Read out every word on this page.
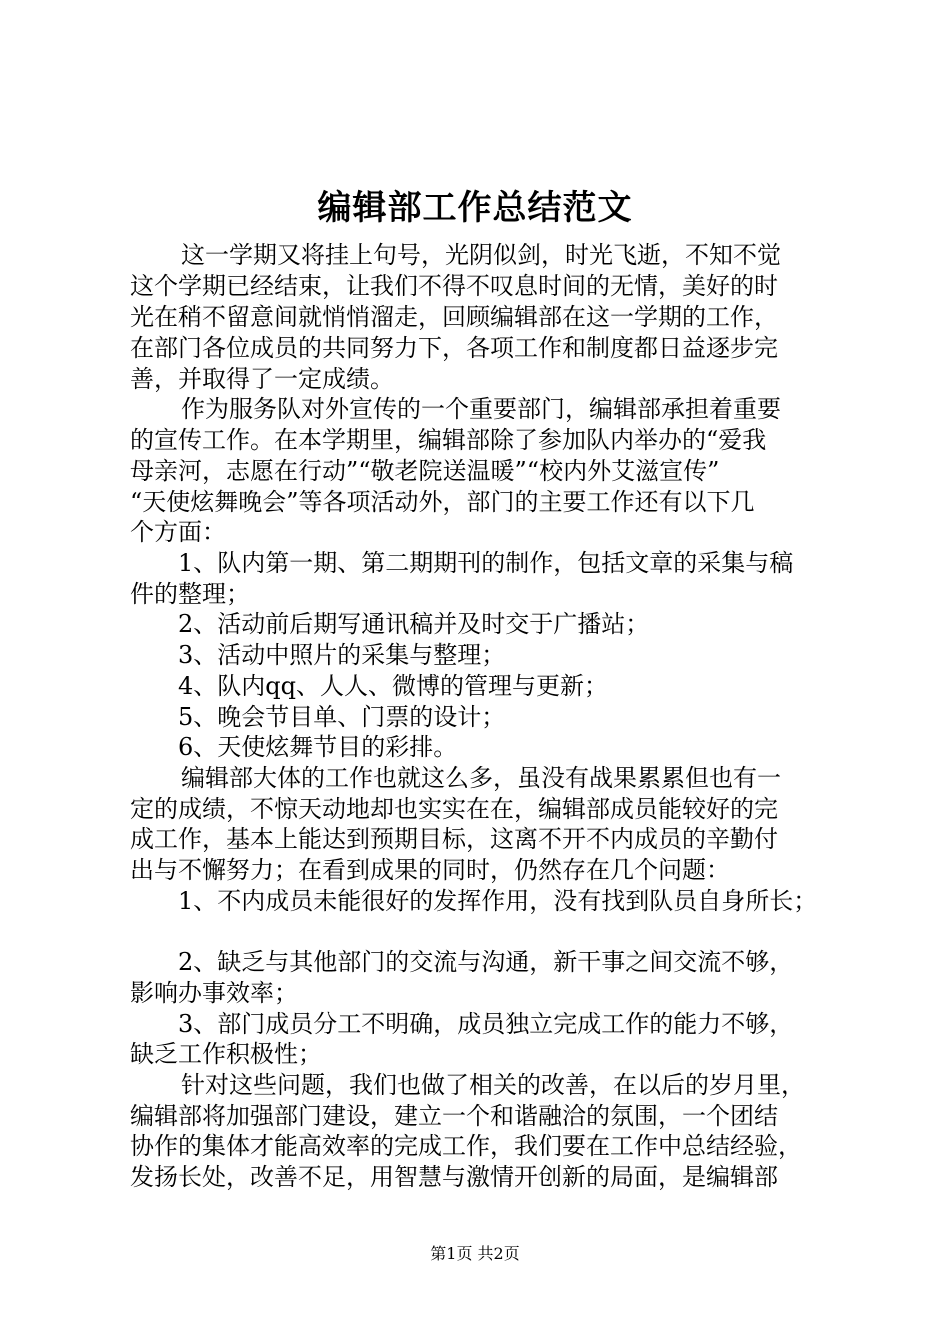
编辑部工作总结范文
这一学期又将挂上句号，光阴似剑，时光飞逝，不知不觉
这个学期已经结束，让我们不得不叹息时间的无情，美好的时
光在稍不留意间就悄悄溜走，回顾编辑部在这一学期的工作，
在部门各位成员的共同努力下，各项工作和制度都日益逐步完
善，并取得了一定成绩。
作为服务队对外宣传的一个重要部门，编辑部承担着重要
的宣传工作。在本学期里，编辑部除了参加队内举办的“爱我
母亲河，志愿在行动”“敬老院送温暖”“校内外艾滋宣传”
“天使炫舞晚会”等各项活动外，部门的主要工作还有以下几
个方面：
1、队内第一期、第二期期刊的制作，包括文章的采集与稿
件的整理；
2、活动前后期写通讯稿并及时交于广播站；
3、活动中照片的采集与整理；
4、队内qq、人人、微博的管理与更新；
5、晚会节目单、门票的设计；
6、天使炫舞节目的彩排。
编辑部大体的工作也就这么多，虽没有战果累累但也有一
定的成绩，不惊天动地却也实实在在，编辑部成员能较好的完
成工作，基本上能达到预期目标，这离不开不内成员的辛勤付
出与不懈努力；在看到成果的同时，仍然存在几个问题：
1、不内成员未能很好的发挥作用，没有找到队员自身所长；
2、缺乏与其他部门的交流与沟通，新干事之间交流不够，
影响办事效率；
3、部门成员分工不明确，成员独立完成工作的能力不够，
缺乏工作积极性；
针对这些问题，我们也做了相关的改善，在以后的岁月里，
编辑部将加强部门建设，建立一个和谐融洽的氛围，一个团结
协作的集体才能高效率的完成工作，我们要在工作中总结经验，
发扬长处，改善不足，用智慧与激情开创新的局面，是编辑部
第1页 共2页
